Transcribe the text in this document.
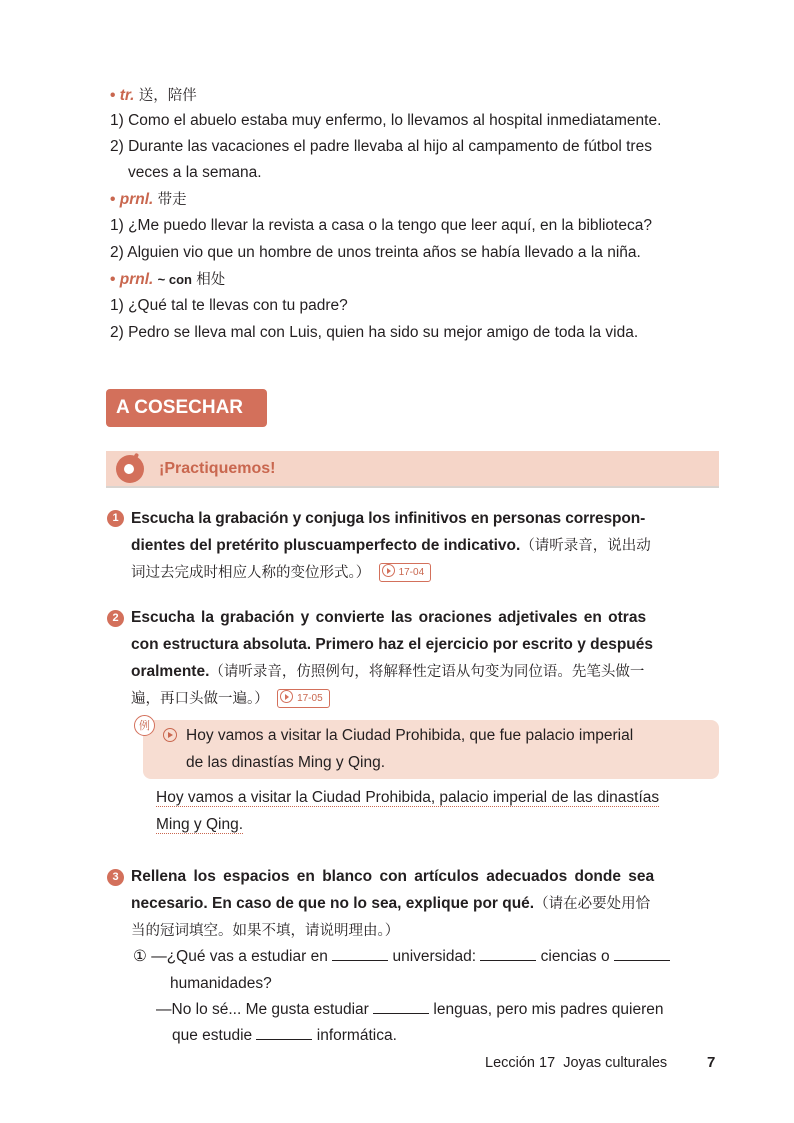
• tr. 送，陪伴
1) Como el abuelo estaba muy enfermo, lo llevamos al hospital inmediatamente.
2) Durante las vacaciones el padre llevaba al hijo al campamento de fútbol tres
veces a la semana.
• prnl. 带走
1) ¿Me puedo llevar la revista a casa o la tengo que leer aquí, en la biblioteca?
2) Alguien vio que un hombre de unos treinta años se había llevado a la niña.
• prnl. ~ con 相处
1) ¿Qué tal te llevas con tu padre?
2) Pedro se lleva mal con Luis, quien ha sido su mejor amigo de toda la vida.
A COSECHAR
¡Practiquemos!
1 Escucha la grabación y conjuga los infinitivos en personas correspon-
dientes del pretérito pluscuamperfecto de indicativo.（请听录音，说出动
词过去完成时相应人称的变位形式。）	17-04
2 Escucha la grabación y convierte las oraciones adjetivales en otras
con estructura absoluta. Primero haz el ejercicio por escrito y después
oralmente.（请听录音，仿照例句，将解释性定语从句变为同位语。先笔头做一
遍，再口头做一遍。）	17-05
例
Hoy vamos a visitar la Ciudad Prohibida, que fue palacio imperial
de las dinastías Ming y Qing.
Hoy vamos a visitar la Ciudad Prohibida, palacio imperial de las dinastías
Ming y Qing.
3 Rellena los espacios en blanco con artículos adecuados donde sea
necesario. En caso de que no lo sea, explique por qué.（请在必要处用恰
当的冠词填空。如果不填，请说明理由。）
① —¿Qué vas a estudiar en	universidad:	ciencias o
humanidades?
—No lo sé... Me gusta estudiar	lenguas, pero mis padres quieren
que estudie	informática.
Lección 17 Joyas culturales	7
